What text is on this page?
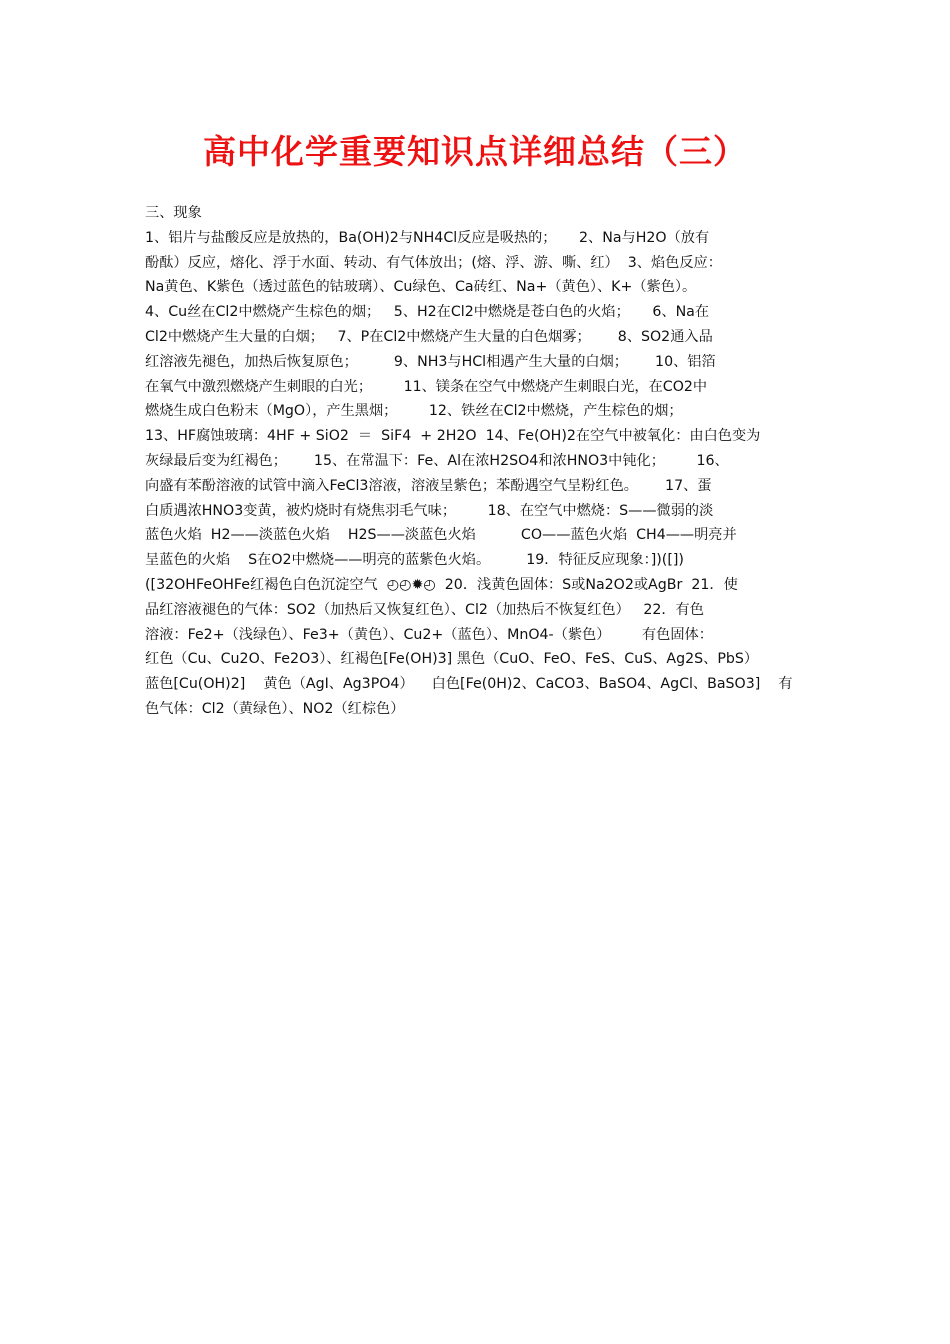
高中化学重要知识点详细总结（三）
三、现象
1、铝片与盐酸反应是放热的，Ba(OH)2与NH4Cl反应是吸热的；     2、Na与H2O（放有
酚酞）反应，熔化、浮于水面、转动、有气体放出；(熔、浮、游、嘶、红）  3、焰色反应：
Na黄色、K紫色（透过蓝色的钴玻璃）、Cu绿色、Ca砖红、Na+（黄色）、K+（紫色）。
4、Cu丝在Cl2中燃烧产生棕色的烟；   5、H2在Cl2中燃烧是苍白色的火焰；     6、Na在
Cl2中燃烧产生大量的白烟；   7、P在Cl2中燃烧产生大量的白色烟雾；      8、SO2通入品
红溶液先褪色，加热后恢复原色；        9、NH3与HCl相遇产生大量的白烟；      10、铝箔
在氧气中激烈燃烧产生刺眼的白光；       11、镁条在空气中燃烧产生刺眼白光，在CO2中
燃烧生成白色粉末（MgO），产生黑烟；       12、铁丝在Cl2中燃烧，产生棕色的烟；
13、HF腐蚀玻璃：4HF + SiO2  ＝  SiF4  + 2H2O  14、Fe(OH)2在空气中被氧化：由白色变为
灰绿最后变为红褐色；      15、在常温下：Fe、Al在浓H2SO4和浓HNO3中钝化；       16、
向盛有苯酚溶液的试管中滴入FeCl3溶液，溶液呈紫色；苯酚遇空气呈粉红色。      17、蛋
白质遇浓HNO3变黄，被灼烧时有烧焦羽毛气味；       18、在空气中燃烧：S——微弱的淡
蓝色火焰  H2——淡蓝色火焰    H2S——淡蓝色火焰          CO——蓝色火焰  CH4——明亮并
呈蓝色的火焰    S在O2中燃烧——明亮的蓝紫色火焰。        19．特征反应现象：])([])
([32OHFeOHFe红褐色白色沉淀空气  ◴◴✹◴  20．浅黄色固体：S或Na2O2或AgBr  21．使
品红溶液褪色的气体：SO2（加热后又恢复红色）、Cl2（加热后不恢复红色）   22．有色
溶液：Fe2+（浅绿色）、Fe3+（黄色）、Cu2+（蓝色）、MnO4-（紫色）       有色固体：
红色（Cu、Cu2O、Fe2O3）、红褐色[Fe(OH)3] 黑色（CuO、FeO、FeS、CuS、Ag2S、PbS）
蓝色[Cu(OH)2]    黄色（AgI、Ag3PO4）    白色[Fe(0H)2、CaCO3、BaSO4、AgCl、BaSO3]    有
色气体：Cl2（黄绿色）、NO2（红棕色）
